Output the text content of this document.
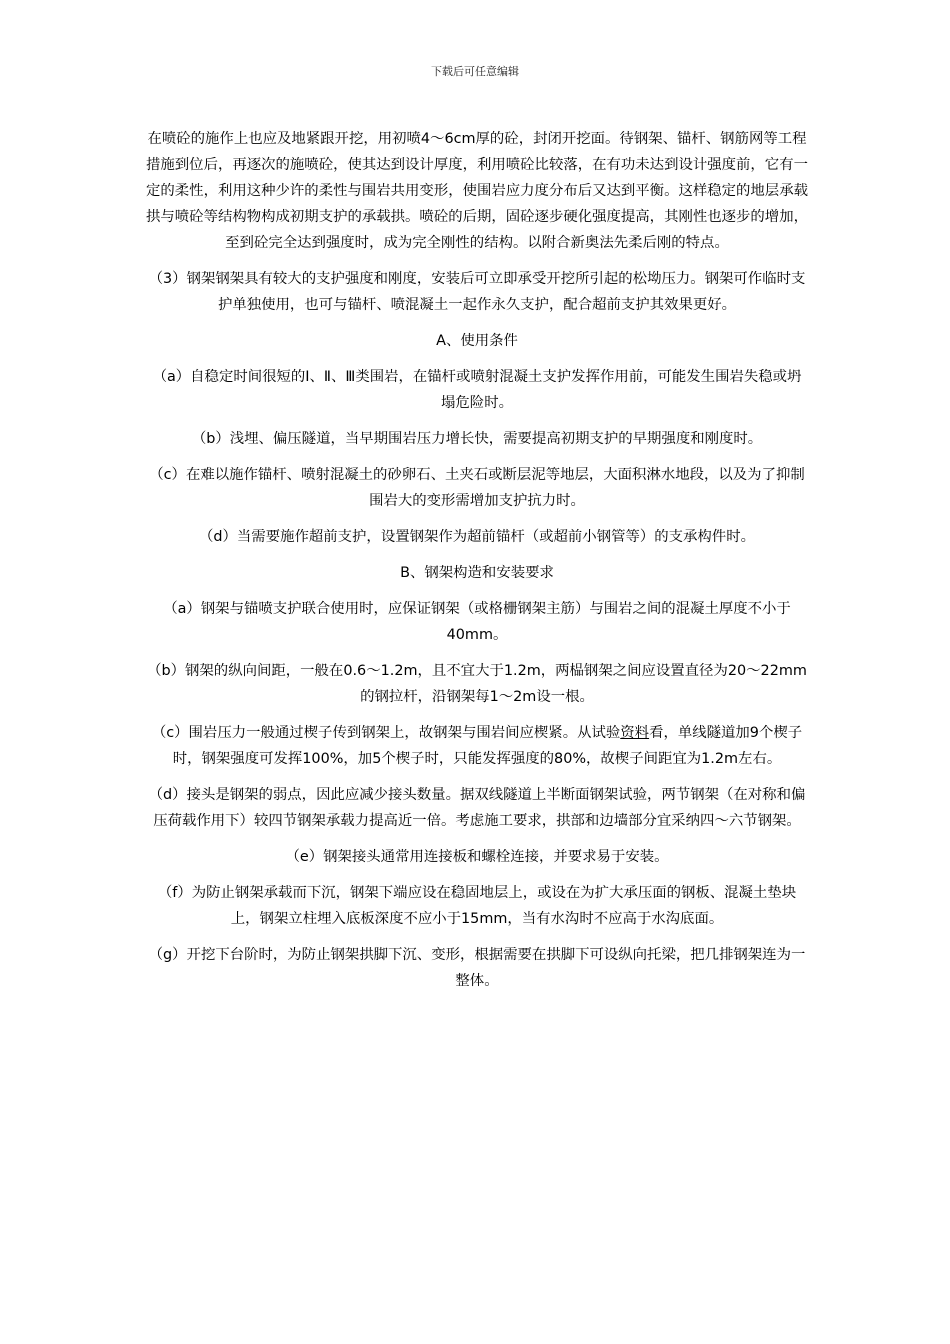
下载后可任意编辑

在喷砼的施作上也应及地紧跟开挖，用初喷4～6cm厚的砼，封闭开挖面。待钢架、锚杆、钢筋网等工程措施到位后，再逐次的施喷砼，使其达到设计厚度，利用喷砼比较落，在有功未达到设计强度前，它有一定的柔性，利用这种少许的柔性与围岩共用变形，使围岩应力度分布后又达到平衡。这样稳定的地层承载拱与喷砼等结构物构成初期支护的承载拱。喷砼的后期，固砼逐步硬化强度提高，其刚性也逐步的增加，至到砼完全达到强度时，成为完全刚性的结构。以附合新奥法先柔后刚的特点。

（3）钢架钢架具有较大的支护强度和刚度，安装后可立即承受开挖所引起的松坳压力。钢架可作临时支护单独使用，也可与锚杆、喷混凝土一起作永久支护，配合超前支护其效果更好。

A、使用条件

（a）自稳定时间很短的Ⅰ、Ⅱ、Ⅲ类围岩，在锚杆或喷射混凝土支护发挥作用前，可能发生围岩失稳或坍塌危险时。

（b）浅埋、偏压隧道，当早期围岩压力增长快，需要提高初期支护的早期强度和刚度时。

（c）在难以施作锚杆、喷射混凝土的砂卵石、土夹石或断层泥等地层，大面积淋水地段，以及为了抑制围岩大的变形需增加支护抗力时。

（d）当需要施作超前支护，设置钢架作为超前锚杆（或超前小钢管等）的支承构件时。

B、钢架构造和安装要求

（a）钢架与锚喷支护联合使用时，应保证钢架（或格栅钢架主筋）与围岩之间的混凝土厚度不小于40mm。

（b）钢架的纵向间距，一般在0.6～1.2m，且不宜大于1.2m，两榀钢架之间应设置直径为20～22mm的钢拉杆，沿钢架每1～2m设一根。

（c）围岩压力一般通过楔子传到钢架上，故钢架与围岩间应楔紧。从试验资料看，单线隧道加9个楔子时，钢架强度可发挥100%，加5个楔子时，只能发挥强度的80%，故楔子间距宜为1.2m左右。

（d）接头是钢架的弱点，因此应减少接头数量。据双线隧道上半断面钢架试验，两节钢架（在对称和偏压荷载作用下）较四节钢架承载力提高近一倍。考虑施工要求，拱部和边墙部分宜采纳四～六节钢架。

（e）钢架接头通常用连接板和螺栓连接，并要求易于安装。

（f）为防止钢架承载而下沉，钢架下端应设在稳固地层上，或设在为扩大承压面的钢板、混凝土垫块上，钢架立柱埋入底板深度不应小于15mm，当有水沟时不应高于水沟底面。

（g）开挖下台阶时，为防止钢架拱脚下沉、变形，根据需要在拱脚下可设纵向托梁，把几排钢架连为一整体。
